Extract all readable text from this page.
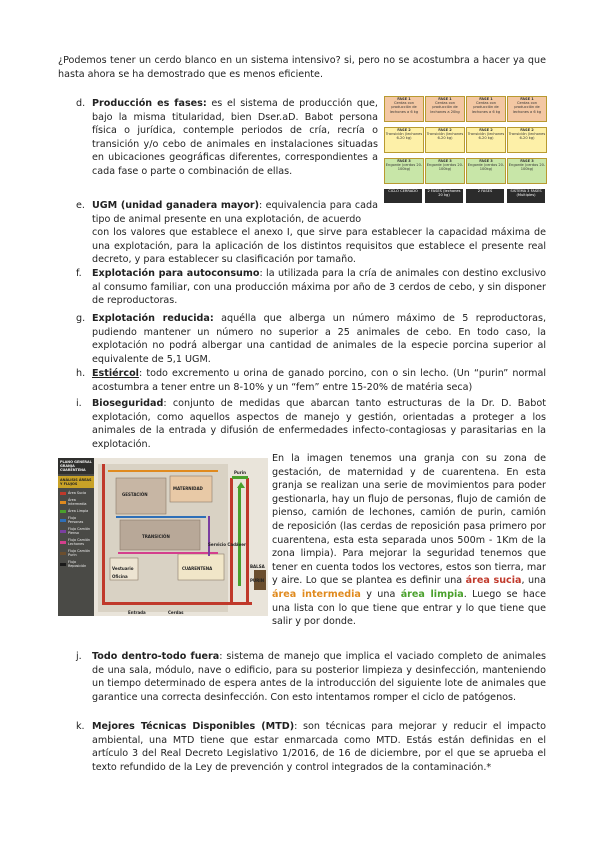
¿Podemos tener un cerdo blanco en un sistema intensivo? si, pero no se acostumbra a hacer ya que hasta ahora se ha demostrado que es menos eficiente.

d. Producción es fases: es el sistema de producción que, bajo la misma titularidad, bien Dser.aD. Babot persona física o jurídica, contemple periodos de cría, recría o transición y/o cebo de animales en instalaciones situadas en ubicaciones geográficas diferentes, correspondientes a cada fase o parte o combinación de ellas.
FASE 1
Cerdas con producción de lechones a 6 kg
FASE 1
Cerdas con producción de lechones a 20kg
FASE 1
Cerdas con producción de lechones a 6 kg
FASE 1
Cerdas con producción de lechones a 6 kg
FASE 2
Transición (lechones 6-20 kg)
FASE 2
Transición (lechones 6-20 kg)
FASE 2
Transición (lechones 6-20 kg)
FASE 2
Transición (lechones 6-20 kg)
FASE 3
Engorde (cerdos 20-100kg)
FASE 3
Engorde (cerdos 20-100kg)
FASE 3
Engorde (cerdos 20-100kg)
FASE 3
Engorde (cerdos 20-100kg)
CICLO CERRADO	2 FASES (lechones 20 kg)
2 FASES	SISTEMA 3 FASES (Multiples)
e. UGM (unidad ganadera mayor): equivalencia para cada tipo de animal presente en una explotación, de acuerdo
con los valores que establece el anexo I, que sirve para establecer la capacidad máxima de una explotación, para la aplicación de los distintos requisitos que establece el presente real decreto, y para establecer su clasificación por tamaño.
f.	Explotación para autoconsumo: la utilizada para la cría de animales con destino exclusivo al consumo familiar, con una producción máxima por año de 3 cerdos de cebo, y sin disponer de reproductoras.
g. Explotación reducida: aquélla que alberga un número máximo de 5 reproductoras, pudiendo mantener un número no superior a 25 animales de cebo. En todo caso, la explotación no podrá albergar una cantidad de animales de la especie porcina superior al equivalente de 5,1 UGM.
h. Estiércol: todo excremento u orina de ganado porcino, con o sin lecho. (Un “purin” normal acostumbra a tener entre un 8-10% y un “fem” entre 15-20% de matéria seca)
i.	Bioseguridad: conjunto de medidas que abarcan tanto estructuras de la Dr. D. Babot explotación, como aquellos aspectos de manejo y gestión, orientadas a proteger a los animales de la entrada y difusión de enfermedades infecto-contagiosas y parasitarias en la explotación.
PLANO GENERAL GRANJA CUARENTENA
ANÁLISIS ÁREAS Y FLUJOS
Área Sucia
Área Intermedia
Área Limpia
Flujo Personas
Flujo Camión Pienso
Flujo Camión Lechones
Flujo Camión Purin
Flujo Reposición
GESTACIÓN
MATERNIDAD
TRANSICIÓN
CUARENTENA
Vestuario
Oficina
Servicio Cadáver
BALSA PURIN
Cerdas
Purin
Entrada

En la imagen tenemos una granja con su zona de gestación, de maternidad y de cuarentena. En esta granja se realizan una serie de movimientos para poder gestionarla, hay un flujo de personas, flujo de camión de pienso, camión de lechones, camión de purin, camión de reposición (las cerdas de reposición pasa primero por cuarentena, esta esta separada unos 500m - 1Km de la zona limpia). Para mejorar la seguridad tenemos que tener en cuenta todos los vectores, estos son tierra, mar y aire. Lo que se plantea es definir una área sucia, una área intermedia y una área limpia. Luego se hace una lista con lo que tiene que entrar y lo que tiene que salir y por donde.

j.	Todo dentro-todo fuera: sistema de manejo que implica el vaciado completo de animales de una sala, módulo, nave o edificio, para su posterior limpieza y desinfección, manteniendo un tiempo determinado de espera antes de la introducción del siguiente lote de animales que garantice una correcta desinfección. Con esto intentamos romper el ciclo de patógenos.
k. Mejores Técnicas Disponibles (MTD): son técnicas para mejorar y reducir el impacto ambiental, una MTD tiene que estar enmarcada como MTD. Estás están definidas en el artículo 3 del Real Decreto Legislativo 1/2016, de 16 de diciembre, por el que se aprueba el texto refundido de la Ley de prevención y control integrados de la contaminación.*
